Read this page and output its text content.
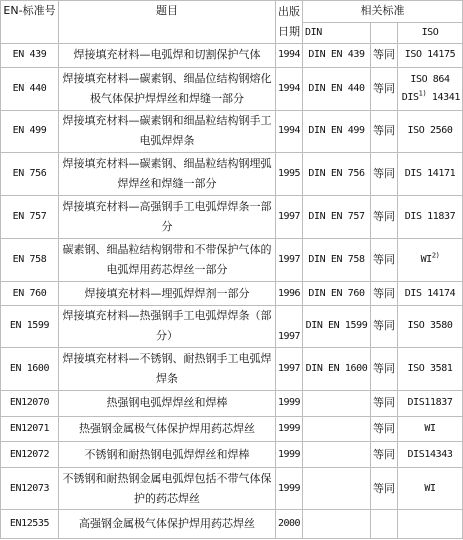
EN-标准号	题目	出版
日期	相关标准		
			DIN		ISO
EN 439	焊接填充材料—电弧焊和切割保护气体	1994	DIN EN 439	等同	ISO 14175
EN 440	焊接填充材料—碳素钢、细晶位结构钢熔化极气体保护焊焊丝和焊缝一部分	1994	DIN EN 440	等同	ISO 864
DIS$^{1)}$ 14341

EN 499	焊接填充材料—碳素钢和细晶粒结构钢手工电弧焊焊条	1994	DIN EN 499	等同	ISO 2560
EN 756	焊接填充材料—碳素钢、细晶粒结构钢埋弧焊焊丝和焊缝一部分	1995	DIN EN 756	等同	DIS 14171
EN 757	焊接填充材料—高强钢手工电弧焊焊条一部分	1997	DIN EN 757	等同	DIS 11837
EN 758	碳素钢、细晶粒结构钢带和不带保护气体的电弧焊用药芯焊丝一部分	1997	DIN EN 758	等同	WI$^{2)}$
EN 760	焊接填充材料—埋弧焊焊剂一部分	1996	DIN EN 760	等同	DIS 14174
EN 1599	焊接填充材料—热强钢手工电弧焊焊条（部分）	1997	DIN EN 1599	等同	ISO 3580
EN 1600	焊接填充材料—不锈钢、耐热钢手工电弧焊焊条	1997	DIN EN 1600	等同	ISO 3581
EN12070	热强钢电弧焊焊丝和焊棒	1999		等同	DIS11837
EN12071	热强钢金属极气体保护焊用药芯焊丝	1999		等同	WI
EN12072	不锈钢和耐热钢电弧焊焊丝和焊棒	1999		等同	DIS14343
EN12073	不锈钢和耐热钢金属电弧焊包括不带气体保护的药芯焊丝	1999		等同	WI
EN12535	高强钢金属极气体保护焊用药芯焊丝	2000			
